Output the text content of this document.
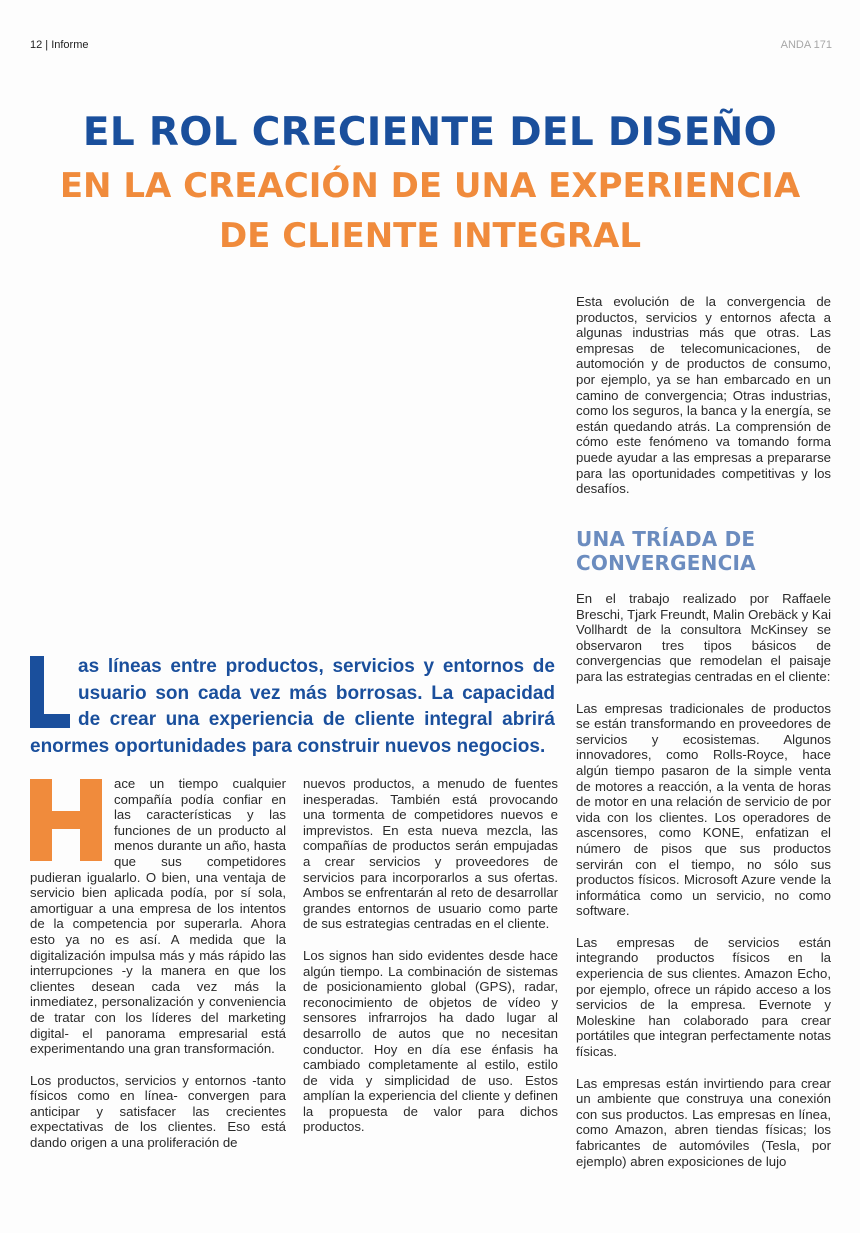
12 | Informe	ANDA 171
EL ROL CRECIENTE DEL DISEÑO
EN LA CREACIÓN DE UNA EXPERIENCIA
DE CLIENTE INTEGRAL

Esta evolución de la convergencia de productos, servicios y entornos afecta a algunas industrias más que otras. Las empresas de telecomunicaciones, de automoción y de productos de consumo, por ejemplo, ya se han embarcado en un camino de convergencia; Otras industrias, como los seguros, la banca y la energía, se están quedando atrás. La comprensión de cómo este fenómeno va tomando forma puede ayudar a las empresas a prepararse para las oportunidades competitivas y los desafíos.

UNA TRÍADA DE CONVERGENCIA

En el trabajo realizado por Raffaele Breschi, Tjark Freundt, Malin Orebäck y Kai Vollhardt de la consultora McKinsey se observaron tres tipos básicos de convergencias que remodelan el paisaje para las estrategias centradas en el cliente:

Las empresas tradicionales de productos se están transformando en proveedores de servicios y ecosistemas. Algunos innovadores, como Rolls-Royce, hace algún tiempo pasaron de la simple venta de motores a reacción, a la venta de horas de motor en una relación de servicio de por vida con los clientes. Los operadores de ascensores, como KONE, enfatizan el número de pisos que sus productos servirán con el tiempo, no sólo sus productos físicos. Microsoft Azure vende la informática como un servicio, no como software.

Las empresas de servicios están integrando productos físicos en la experiencia de sus clientes. Amazon Echo, por ejemplo, ofrece un rápido acceso a los servicios de la empresa. Evernote y Moleskine han colaborado para crear portátiles que integran perfectamente notas físicas.

Las empresas están invirtiendo para crear un ambiente que construya una conexión con sus productos. Las empresas en línea, como Amazon, abren tiendas físicas; los fabricantes de automóviles (Tesla, por ejemplo) abren exposiciones de lujo

as líneas entre productos, servicios y entornos de usuario son cada vez más borrosas. La capacidad de crear una experiencia de cliente integral abrirá enormes oportunidades para construir nuevos negocios.

ace un tiempo cualquier compañía podía confiar en las características y las funciones de un producto al menos durante un año, hasta que sus competidores pudieran igualarlo. O bien, una ventaja de servicio bien aplicada podía, por sí sola, amortiguar a una empresa de los intentos de la competencia por superarla. Ahora esto ya no es así. A medida que la digitalización impulsa más y más rápido las interrupciones -y la manera en que los clientes desean cada vez más la inmediatez, personalización y conveniencia de tratar con los líderes del marketing digital- el panorama empresarial está experimentando una gran transformación.

Los productos, servicios y entornos -tanto físicos como en línea- convergen para anticipar y satisfacer las crecientes expectativas de los clientes. Eso está dando origen a una proliferación de

nuevos productos, a menudo de fuentes inesperadas. También está provocando una tormenta de competidores nuevos e imprevistos. En esta nueva mezcla, las compañías de productos serán empujadas a crear servicios y proveedores de servicios para incorporarlos a sus ofertas. Ambos se enfrentarán al reto de desarrollar grandes entornos de usuario como parte de sus estrategias centradas en el cliente.

Los signos han sido evidentes desde hace algún tiempo. La combinación de sistemas de posicionamiento global (GPS), radar, reconocimiento de objetos de vídeo y sensores infrarrojos ha dado lugar al desarrollo de autos que no necesitan conductor. Hoy en día ese énfasis ha cambiado completamente al estilo, estilo de vida y simplicidad de uso. Estos amplían la experiencia del cliente y definen la propuesta de valor para dichos productos.
